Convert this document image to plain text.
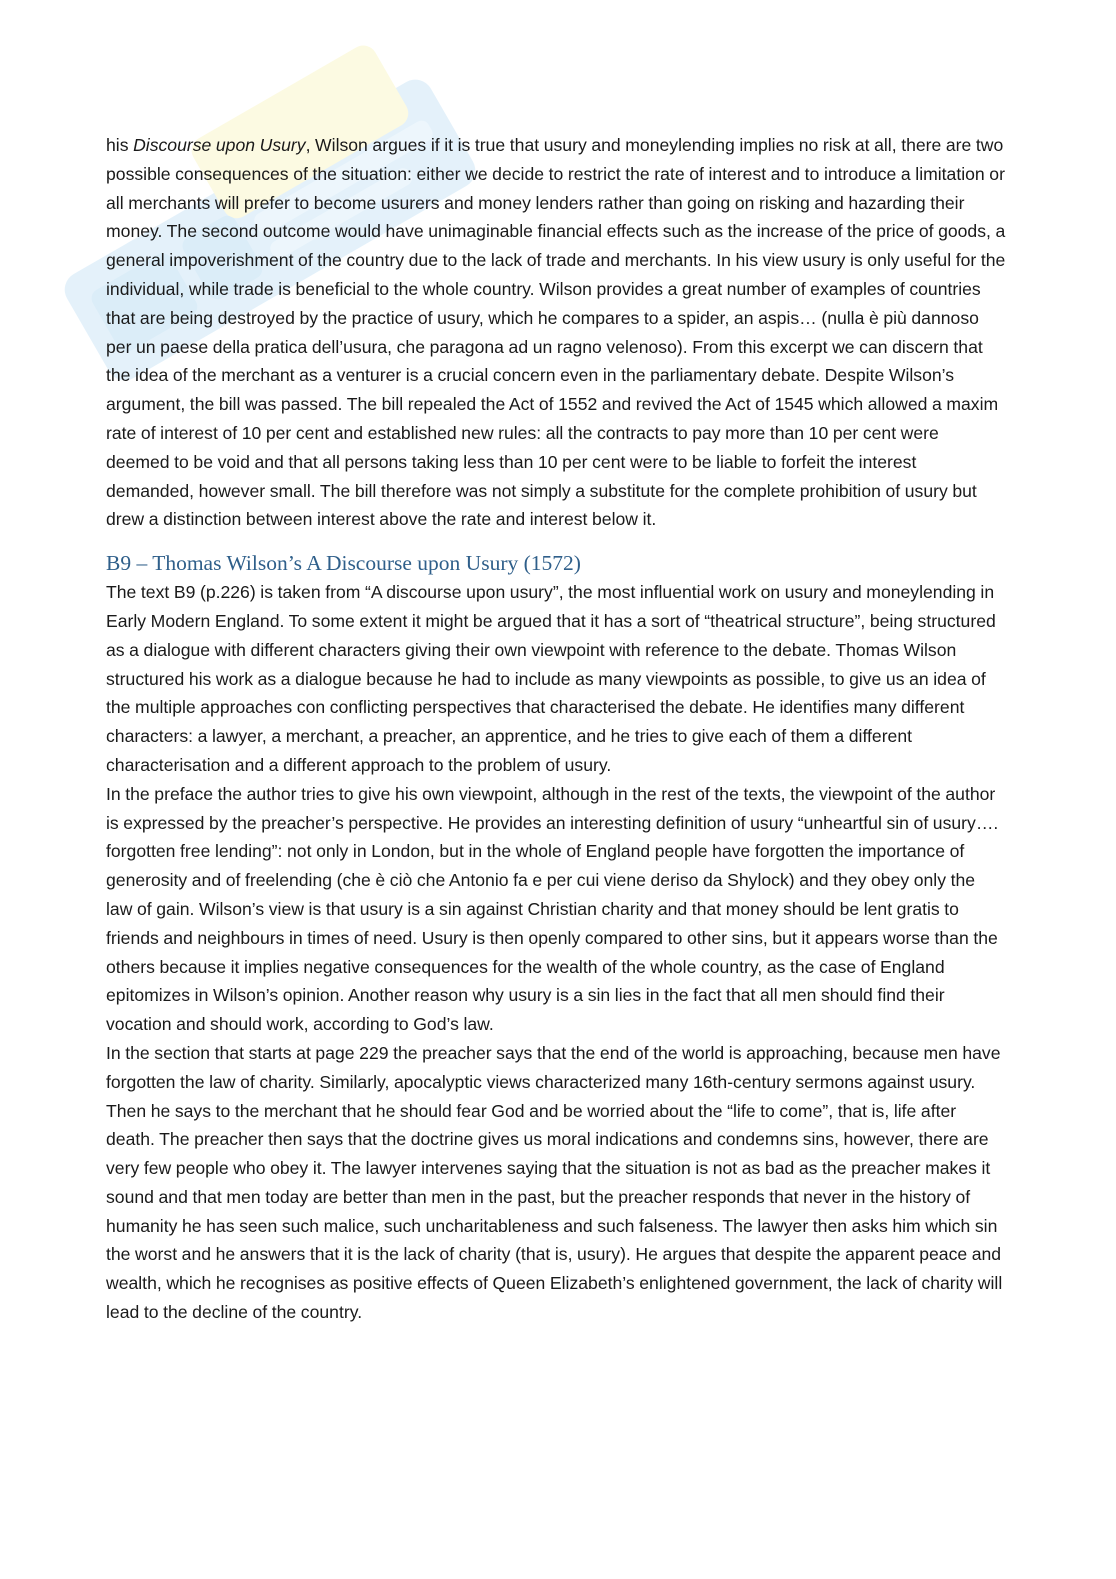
his Discourse upon Usury, Wilson argues if it is true that usury and moneylending implies no risk at all, there are two possible consequences of the situation: either we decide to restrict the rate of interest and to introduce a limitation or all merchants will prefer to become usurers and money lenders rather than going on risking and hazarding their money. The second outcome would have unimaginable financial effects such as the increase of the price of goods, a general impoverishment of the country due to the lack of trade and merchants. In his view usury is only useful for the individual, while trade is beneficial to the whole country. Wilson provides a great number of examples of countries that are being destroyed by the practice of usury, which he compares to a spider, an aspis… (nulla è più dannoso per un paese della pratica dell’usura, che paragona ad un ragno velenoso). From this excerpt we can discern that the idea of the merchant as a venturer is a crucial concern even in the parliamentary debate. Despite Wilson’s argument, the bill was passed. The bill repealed the Act of 1552 and revived the Act of 1545 which allowed a maxim rate of interest of 10 per cent and established new rules: all the contracts to pay more than 10 per cent were deemed to be void and that all persons taking less than 10 per cent were to be liable to forfeit the interest demanded, however small. The bill therefore was not simply a substitute for the complete prohibition of usury but drew a distinction between interest above the rate and interest below it.

B9 – Thomas Wilson’s A Discourse upon Usury (1572)

The text B9 (p.226) is taken from “A discourse upon usury”, the most influential work on usury and moneylending in Early Modern England. To some extent it might be argued that it has a sort of “theatrical structure”, being structured as a dialogue with different characters giving their own viewpoint with reference to the debate. Thomas Wilson structured his work as a dialogue because he had to include as many viewpoints as possible, to give us an idea of the multiple approaches con conflicting perspectives that characterised the debate. He identifies many different characters: a lawyer, a merchant, a preacher, an apprentice, and he tries to give each of them a different characterisation and a different approach to the problem of usury.

In the preface the author tries to give his own viewpoint, although in the rest of the texts, the viewpoint of the author is expressed by the preacher’s perspective. He provides an interesting definition of usury “unheartful sin of usury…. forgotten free lending”: not only in London, but in the whole of England people have forgotten the importance of generosity and of freelending (che è ciò che Antonio fa e per cui viene deriso da Shylock) and they obey only the law of gain. Wilson’s view is that usury is a sin against Christian charity and that money should be lent gratis to friends and neighbours in times of need. Usury is then openly compared to other sins, but it appears worse than the others because it implies negative consequences for the wealth of the whole country, as the case of England epitomizes in Wilson’s opinion. Another reason why usury is a sin lies in the fact that all men should find their vocation and should work, according to God’s law.

In the section that starts at page 229 the preacher says that the end of the world is approaching, because men have forgotten the law of charity. Similarly, apocalyptic views characterized many 16th-century sermons against usury. Then he says to the merchant that he should fear God and be worried about the “life to come”, that is, life after death. The preacher then says that the doctrine gives us moral indications and condemns sins, however, there are very few people who obey it. The lawyer intervenes saying that the situation is not as bad as the preacher makes it sound and that men today are better than men in the past, but the preacher responds that never in the history of humanity he has seen such malice, such uncharitableness and such falseness. The lawyer then asks him which sin the worst and he answers that it is the lack of charity (that is, usury). He argues that despite the apparent peace and wealth, which he recognises as positive effects of Queen Elizabeth’s enlightened government, the lack of charity will lead to the decline of the country.
